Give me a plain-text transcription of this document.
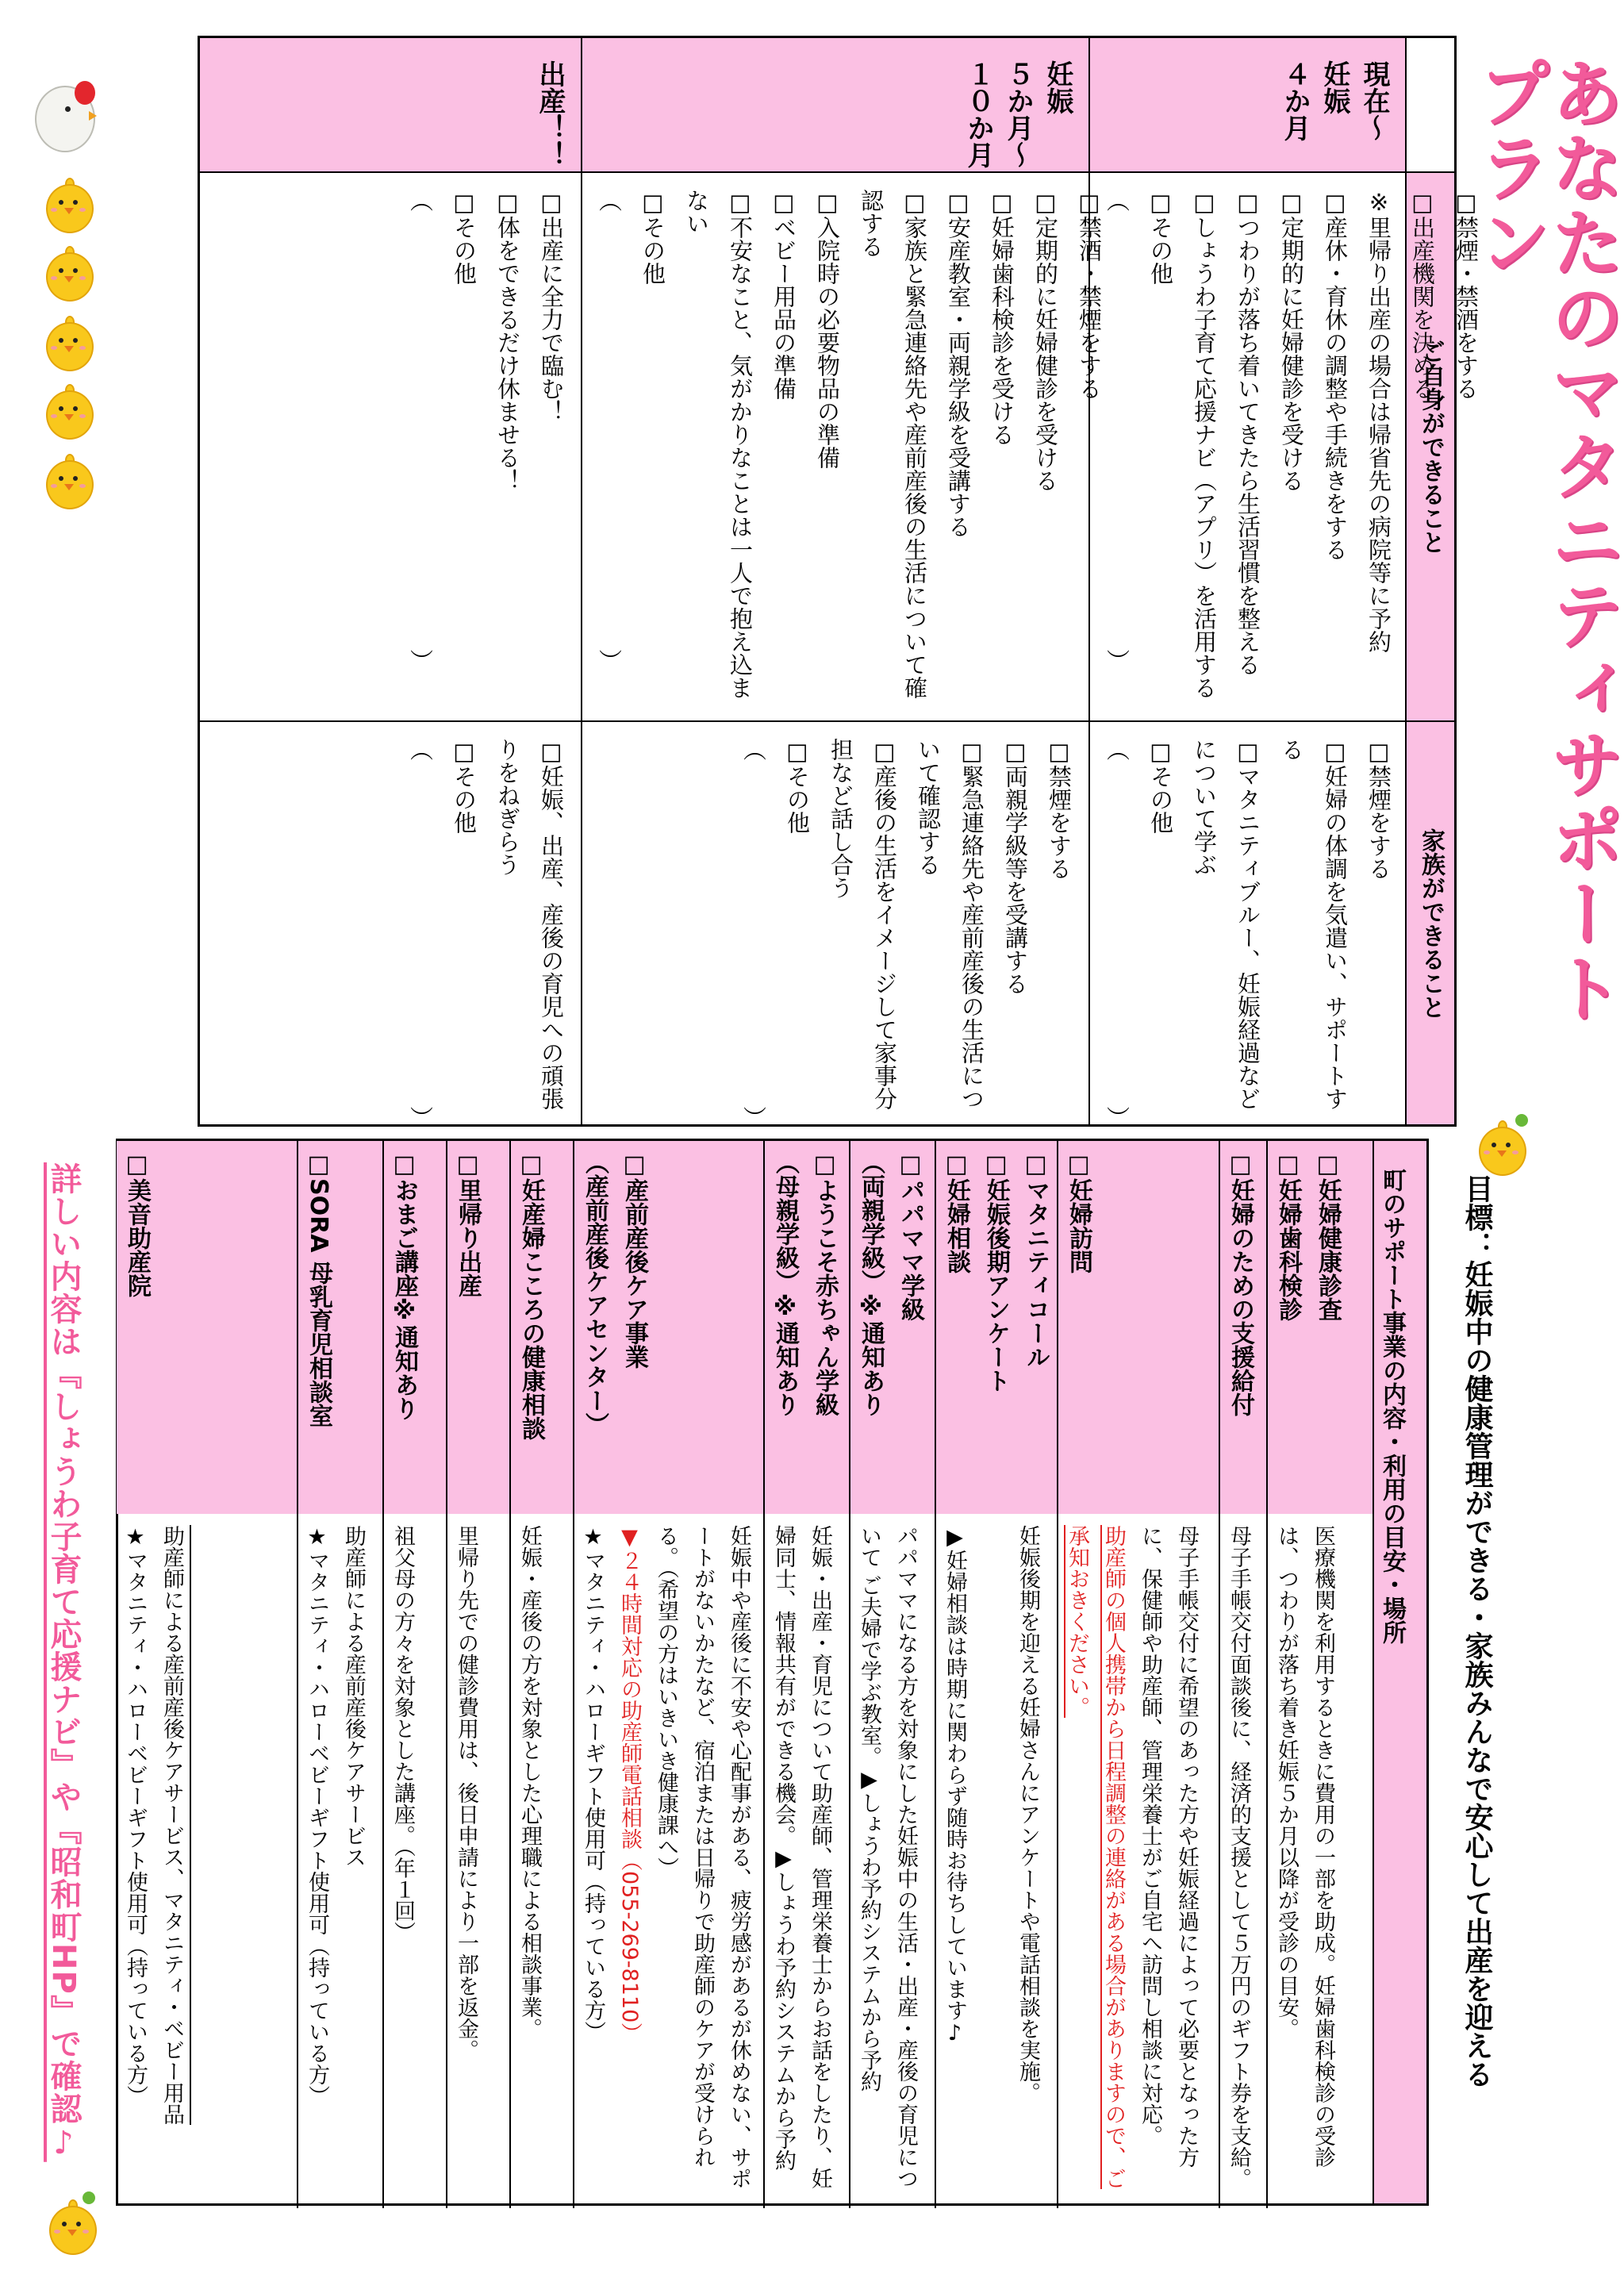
あなたのマタニティサポートプラン
ご自身ができること
家族ができること
現在〜
妊娠
４か月
□禁煙・禁酒をする
□出産機関を決める
※里帰り出産の場合は帰省先の病院等に予約
□産休・育休の調整や手続きをする
□定期的に妊婦健診を受ける
□つわりが落ち着いてきたら生活習慣を整える
□しょうわ子育て応援ナビ（アプリ）を活用する
□その他（　　　　　　　　　　　　　　　　　　　）
□禁煙をする
□妊婦の体調を気遣い、サポートする
□マタニティブルー、妊娠経過などについて学ぶ
□その他
（　　　　　　　　　　　　　　　）
妊娠
５か月〜
１０か月
□禁酒・禁煙をする
□定期的に妊婦健診を受ける
□妊婦歯科検診を受ける
□安産教室・両親学級を受講する
□家族と緊急連絡先や産前産後の生活について確認する
□入院時の必要物品の準備
□ベビー用品の準備
□不安なこと、気がかりなことは一人で抱え込まない
□その他（　　　　　　　　　　　　　　　　　　　）
□禁煙をする
□両親学級等を受講する
□緊急連絡先や産前産後の生活について確認する
□産後の生活をイメージして家事分担など話し合う
□その他
（　　　　　　　　　　　　　　　）
出産！！
□出産に全力で臨む！
□体をできるだけ休ませる！
□その他（　　　　　　　　　　　　　　　　　　　）
□妊娠、出産、産後の育児への頑張りをねぎらう
□その他
（　　　　　　　　　　　　　　　）
目標：妊娠中の健康管理ができる・家族みんなで安心して出産を迎える
町のサポート事業の内容・利用の目安・場所
□妊婦健康診査
□妊婦歯科検診
医療機関を利用するときに費用の一部を助成。妊婦歯科検診の受診は、つわりが落ち着き妊娠５か月以降が受診の目安。
□妊婦のための支援給付
母子手帳交付面談後に、経済的支援として５万円のギフト券を支給。
□妊婦訪問
母子手帳交付に希望のあった方や妊娠経過によって必要となった方に、保健師や助産師、管理栄養士がご自宅へ訪問し相談に対応。
助産師の個人携帯から日程調整の連絡がある場合がありますので、ご承知おきください。
□マタニティコール
□妊娠後期アンケート
□妊婦相談
妊娠後期を迎える妊婦さんにアンケートや電話相談を実施。

▶妊婦相談は時期に関わらず随時お待ちしています♪
□パパママ学級
（両親学級）※通知あり
パパママになる方を対象にした妊娠中の生活・出産・産後の育児について ご夫婦で学ぶ教室。▶しょうわ予約システムから予約
□ようこそ赤ちゃん学級
（母親学級）※通知あり
妊娠・出産・育児について助産師、管理栄養士からお話をしたり、妊婦同士、情報共有ができる機会。▶しょうわ予約システムから予約
□産前産後ケア事業
（産前産後ケアセンター）
妊娠中や産後に不安や心配事がある、疲労感があるが休めない、サポートがないかたなど、宿泊または日帰りで助産師のケアが受けられる。（希望の方はいきいき健康課へ）
▼２４時間対応の助産師電話相談（055-269-8110）
★マタニティ・ハローギフト使用可（持っている方）
□妊産婦こころの健康相談
妊娠・産後の方を対象とした心理職による相談事業。
□里帰り出産
里帰り先での健診費用は、後日申請により一部を返金。
□おまご講座※通知あり
祖父母の方々を対象とした講座。（年１回）
□SORA 母乳育児相談室
助産師による産前産後ケアサービス
★マタニティ・ハローベビーギフト使用可（持っている方）
□美音助産院
助産師による産前産後ケアサービス、マタニティ・ベビー用品
★マタニティ・ハローベビーギフト使用可（持っている方）
詳しい内容は『しょうわ子育て応援ナビ』や『昭和町HP』で確認♪
